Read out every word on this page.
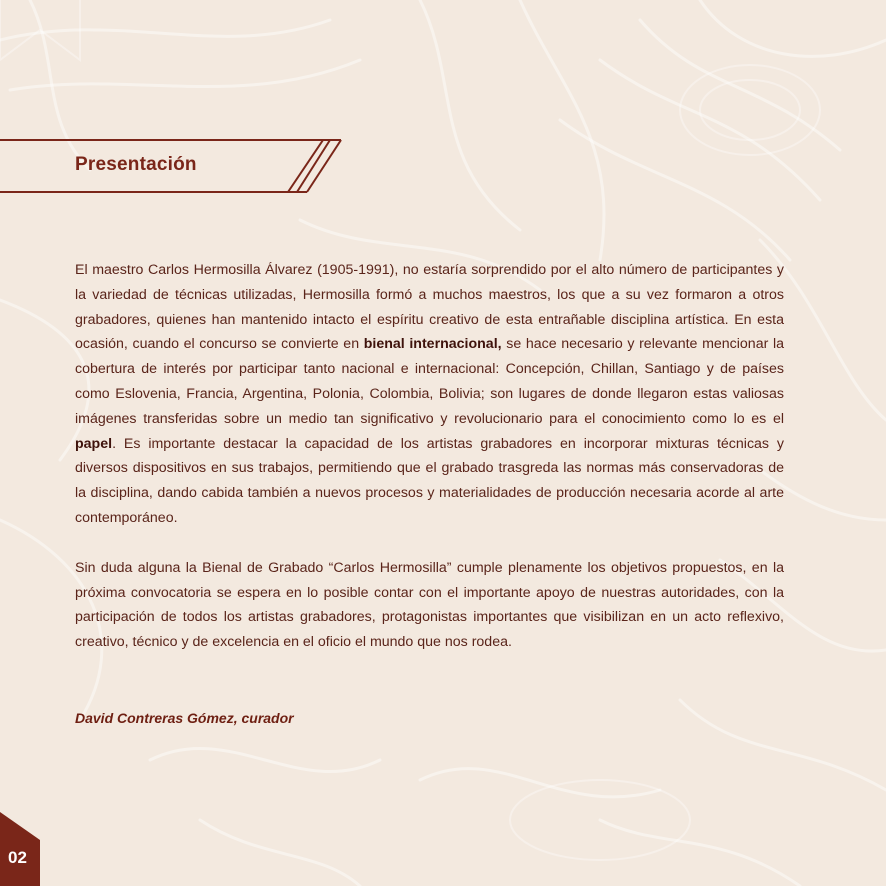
Presentación

El maestro Carlos Hermosilla Álvarez (1905-1991), no estaría sorprendido por el alto número de participantes y la variedad de técnicas utilizadas, Hermosilla formó a muchos maestros, los que a su vez formaron a otros grabadores, quienes han mantenido intacto el espíritu creativo de esta entrañable disciplina artística. En esta ocasión, cuando el concurso se convierte en bienal internacional, se hace necesario y relevante mencionar la cobertura de interés por participar tanto nacional e internacional: Concepción, Chillan, Santiago y de países como Eslovenia, Francia, Argentina, Polonia, Colombia, Bolivia; son lugares de donde llegaron estas valiosas imágenes transferidas sobre un medio tan significativo y revolucionario para el conocimiento como lo es el papel. Es importante destacar la capacidad de los artistas grabadores en incorporar mixturas técnicas y diversos dispositivos en sus trabajos, permitiendo que el grabado trasgreda las normas más conservadoras de la disciplina, dando cabida también a nuevos procesos y materialidades de producción necesaria acorde al arte contemporáneo.

Sin duda alguna la Bienal de Grabado “Carlos Hermosilla” cumple plenamente los objetivos propuestos, en la próxima convocatoria se espera en lo posible contar con el importante apoyo de nuestras autoridades, con la participación de todos los artistas grabadores, protagonistas importantes que visibilizan en un acto reflexivo, creativo, técnico y de excelencia en el oficio el mundo que nos rodea.

David Contreras Gómez, curador
02
